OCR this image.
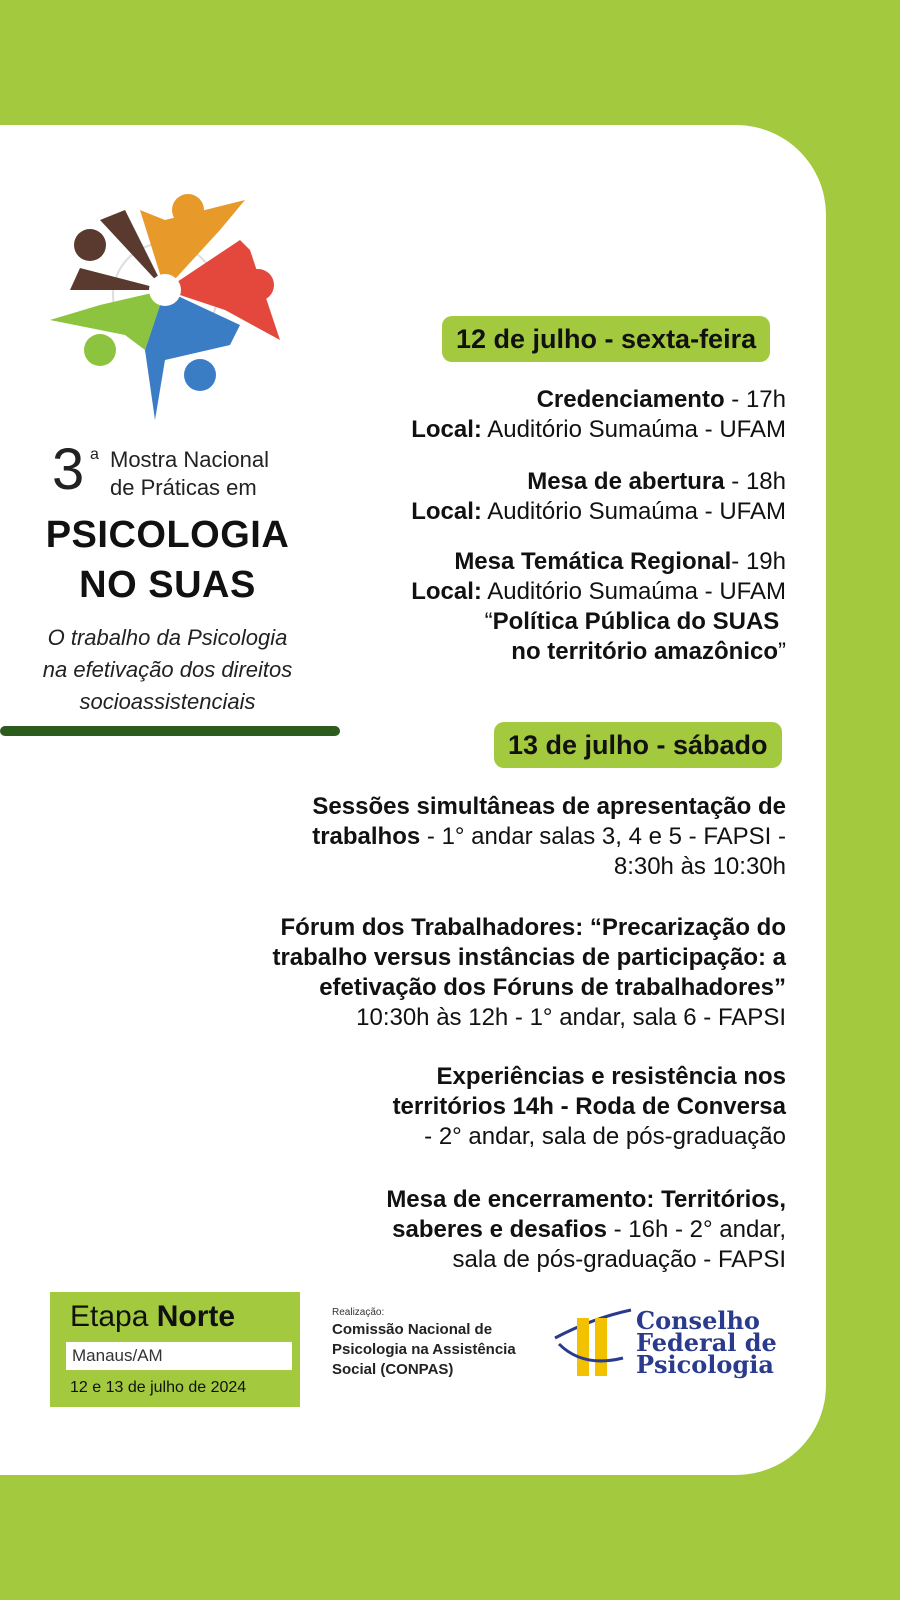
3 a Mostra Nacional
de Práticas em
PSICOLOGIA
NO SUAS
O trabalho da Psicologia
na efetivação dos direitos
socioassistenciais
12 de julho - sexta-feira
Credenciamento - 17h
Local: Auditório Sumaúma - UFAM
Mesa de abertura - 18h
Local: Auditório Sumaúma - UFAM
Mesa Temática Regional- 19h
Local: Auditório Sumaúma - UFAM
“Política Pública do SUAS
no território amazônico”
13 de julho - sábado
Sessões simultâneas de apresentação de
trabalhos - 1° andar salas 3, 4 e 5 - FAPSI -
8:30h às 10:30h
Fórum dos Trabalhadores: “Precarização do
trabalho versus instâncias de participação: a
efetivação dos Fóruns de trabalhadores”
10:30h às 12h - 1° andar, sala 6 - FAPSI
Experiências e resistência nos
territórios 14h - Roda de Conversa
- 2° andar, sala de pós-graduação
Mesa de encerramento: Territórios,
saberes e desafios - 16h - 2° andar,
sala de pós-graduação - FAPSI
Etapa Norte
Manaus/AM
12 e 13 de julho de 2024
Realização:
Comissão Nacional de
Psicologia na Assistência
Social (CONPAS)
Conselho
Federal de
Psicologia
